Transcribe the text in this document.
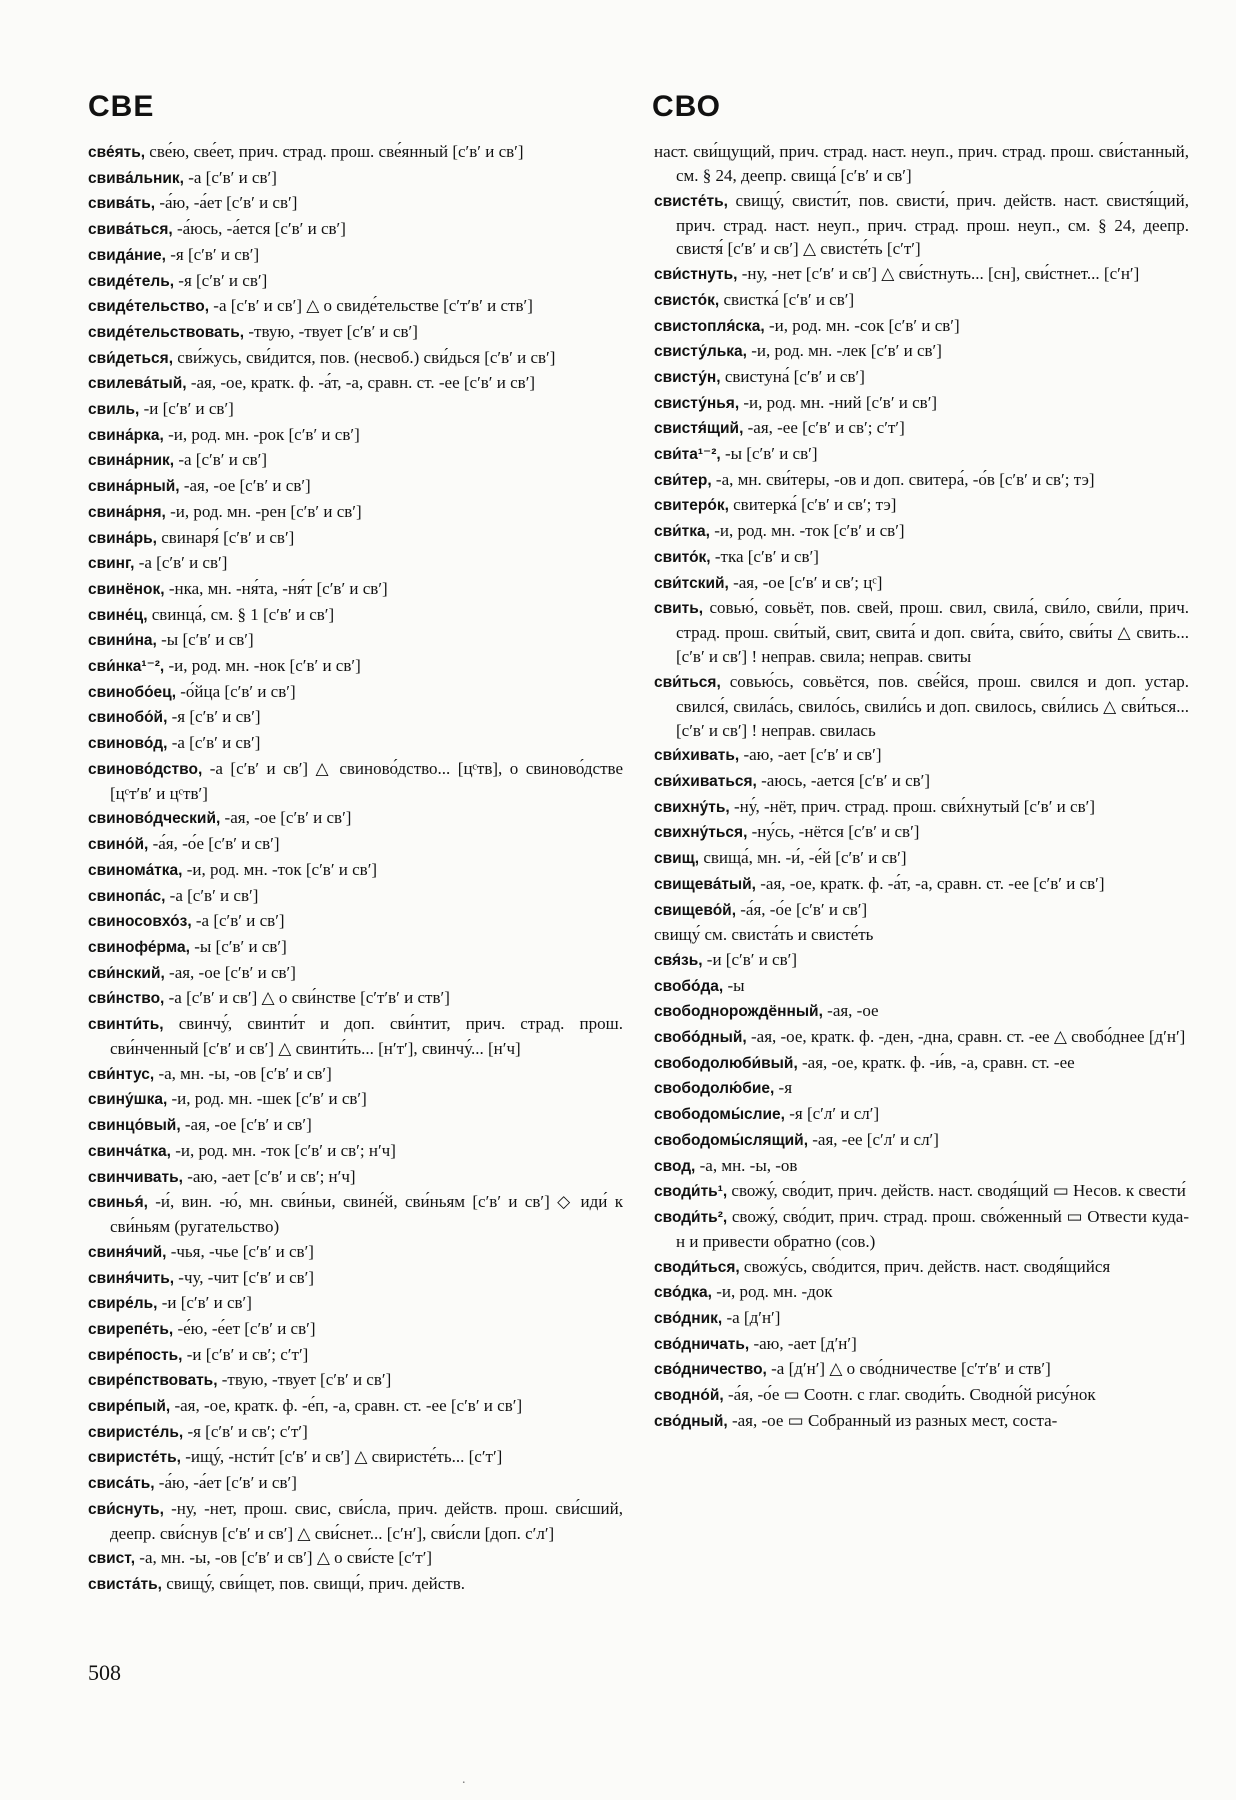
СВЕ	СВО
све́ять, све́ю, све́ет, прич. страд. прош. све́янный [сʹвʹ и свʹ]
свива́льник, -а [сʹвʹ и свʹ]
свива́ть, -а́ю, -а́ет [сʹвʹ и свʹ]
свива́ться, -а́юсь, -а́ется [сʹвʹ и свʹ]
свида́ние, -я [сʹвʹ и свʹ]
свиде́тель, -я [сʹвʹ и свʹ]
свиде́тельство, -а [сʹвʹ и свʹ] △ о свиде́тельстве [сʹтʹвʹ и ствʹ]
свиде́тельствовать, -твую, -твует [сʹвʹ и свʹ]
сви́деться, сви́жусь, сви́дится, пов. (несвоб.) сви́дься [сʹвʹ и свʹ]
свилева́тый, -ая, -ое, кратк. ф. -а́т, -а, сравн. ст. -ее [сʹвʹ и свʹ]
свиль, -и [сʹвʹ и свʹ]
свина́рка, -и, род. мн. -рок [сʹвʹ и свʹ]
свина́рник, -а [сʹвʹ и свʹ]
свина́рный, -ая, -ое [сʹвʹ и свʹ]
свина́рня, -и, род. мн. -рен [сʹвʹ и свʹ]
свина́рь, свинаря́ [сʹвʹ и свʹ]
свинг, -а [сʹвʹ и свʹ]
свинёнок, -нка, мн. -ня́та, -ня́т [сʹвʹ и свʹ]
свине́ц, свинца́, см. § 1 [сʹвʹ и свʹ]
свини́на, -ы [сʹвʹ и свʹ]
сви́нка¹⁻², -и, род. мн. -нок [сʹвʹ и свʹ]
свинобо́ец, -о́йца [сʹвʹ и свʹ]
свинобо́й, -я [сʹвʹ и свʹ]
свиново́д, -а [сʹвʹ и свʹ]
свиново́дство, -а [сʹвʹ и свʹ] △ свиново́дство... [цᶜтв], о свиново́дстве [цᶜтʹвʹ и цᶜтвʹ]
свиново́дческий, -ая, -ое [сʹвʹ и свʹ]
свино́й, -а́я, -о́е [сʹвʹ и свʹ]
свинома́тка, -и, род. мн. -ток [сʹвʹ и свʹ]
свинопа́с, -а [сʹвʹ и свʹ]
свиносовхо́з, -а [сʹвʹ и свʹ]
свинофе́рма, -ы [сʹвʹ и свʹ]
сви́нский, -ая, -ое [сʹвʹ и свʹ]
сви́нство, -а [сʹвʹ и свʹ] △ о сви́нстве [сʹтʹвʹ и ствʹ]
свинти́ть, свинчу́, свинти́т и доп. сви́нтит, прич. страд. прош. сви́нченный [сʹвʹ и свʹ] △ свинти́ть... [нʹтʹ], свинчу́... [нʹч]
сви́нтус, -а, мн. -ы, -ов [сʹвʹ и свʹ]
свину́шка, -и, род. мн. -шек [сʹвʹ и свʹ]
свинцо́вый, -ая, -ое [сʹвʹ и свʹ]
свинча́тка, -и, род. мн. -ток [сʹвʹ и свʹ; нʹч]
свинчивать, -аю, -ает [сʹвʹ и свʹ; нʹч]
свинья́, -и́, вин. -ю́, мн. сви́ньи, свине́й, сви́ньям [сʹвʹ и свʹ] ◇ иди́ к сви́ньям (ругательство)
свиня́чий, -чья, -чье [сʹвʹ и свʹ]
свиня́чить, -чу, -чит [сʹвʹ и свʹ]
свире́ль, -и [сʹвʹ и свʹ]
свирепе́ть, -е́ю, -е́ет [сʹвʹ и свʹ]
свире́пость, -и [сʹвʹ и свʹ; сʹтʹ]
свире́пствовать, -твую, -твует [сʹвʹ и свʹ]
свире́пый, -ая, -ое, кратк. ф. -е́п, -а, сравн. ст. -ее [сʹвʹ и свʹ]
свиристе́ль, -я [сʹвʹ и свʹ; сʹтʹ]
свиристе́ть, -ищу́, -нсти́т [сʹвʹ и свʹ] △ свиристе́ть... [сʹтʹ]
свиса́ть, -а́ю, -а́ет [сʹвʹ и свʹ]
сви́снуть, -ну, -нет, прош. свис, сви́сла, прич. действ. прош. сви́сший, деепр. сви́снув [сʹвʹ и свʹ] △ сви́снет... [сʹнʹ], сви́сли [доп. сʹлʹ]
свист, -а, мн. -ы, -ов [сʹвʹ и свʹ] △ о сви́сте [сʹтʹ]
свиста́ть, свищу́, сви́щет, пов. свищи́, прич. действ.
наст. сви́щущий, прич. страд. наст. неуп., прич. страд. прош. сви́станный, см. § 24, деепр. свища́ [сʹвʹ и свʹ]
свисте́ть, свищу́, свисти́т, пов. свисти́, прич. действ. наст. свистя́щий, прич. страд. наст. неуп., прич. страд. прош. неуп., см. § 24, деепр. свистя́ [сʹвʹ и свʹ] △ свисте́ть [сʹтʹ]
сви́стнуть, -ну, -нет [сʹвʹ и свʹ] △ сви́стнуть... [сн], сви́стнет... [сʹнʹ]
свисто́к, свистка́ [сʹвʹ и свʹ]
свистопля́ска, -и, род. мн. -сок [сʹвʹ и свʹ]
свисту́лька, -и, род. мн. -лек [сʹвʹ и свʹ]
свисту́н, свистуна́ [сʹвʹ и свʹ]
свисту́нья, -и, род. мн. -ний [сʹвʹ и свʹ]
свистя́щий, -ая, -ее [сʹвʹ и свʹ; сʹтʹ]
сви́та¹⁻², -ы [сʹвʹ и свʹ]
сви́тер, -а, мн. сви́теры, -ов и доп. свитера́, -о́в [сʹвʹ и свʹ; тэ]
свитеро́к, свитерка́ [сʹвʹ и свʹ; тэ]
сви́тка, -и, род. мн. -ток [сʹвʹ и свʹ]
свито́к, -тка [сʹвʹ и свʹ]
сви́тский, -ая, -ое [сʹвʹ и свʹ; цᶜ]
свить, совью́, совьёт, пов. свей, прош. свил, свила́, сви́ло, сви́ли, прич. страд. прош. сви́тый, свит, свита́ и доп. сви́та, сви́то, сви́ты △ свить... [сʹвʹ и свʹ] ! неправ. свила; неправ. свиты
сви́ться, совью́сь, совьётся, пов. све́йся, прош. свился и доп. устар. свился́, свила́сь, свило́сь, свили́сь и доп. свилось, сви́лись △ сви́ться... [сʹвʹ и свʹ] ! неправ. свилась
сви́хивать, -аю, -ает [сʹвʹ и свʹ]
сви́хиваться, -аюсь, -ается [сʹвʹ и свʹ]
свихну́ть, -ну́, -нёт, прич. страд. прош. сви́хнутый [сʹвʹ и свʹ]
свихну́ться, -ну́сь, -нётся [сʹвʹ и свʹ]
свищ, свища́, мн. -и́, -е́й [сʹвʹ и свʹ]
свищева́тый, -ая, -ое, кратк. ф. -а́т, -а, сравн. ст. -ее [сʹвʹ и свʹ]
свищево́й, -а́я, -о́е [сʹвʹ и свʹ]
свищу́ см. свиста́ть и свисте́ть
свя́зь, -и [сʹвʹ и свʹ]
свобо́да, -ы
свободнорождённый, -ая, -ое
свобо́дный, -ая, -ое, кратк. ф. -ден, -дна, сравн. ст. -ее △ свобо́днее [дʹнʹ]
свободолюби́вый, -ая, -ое, кратк. ф. -и́в, -а, сравн. ст. -ее
свободолю́бие, -я
свободомы́слие, -я [сʹлʹ и слʹ]
свободомы́слящий, -ая, -ее [сʹлʹ и слʹ]
свод, -а, мн. -ы, -ов
своди́ть¹, свожу́, сво́дит, прич. действ. наст. сводя́щий ▭ Несов. к свести́
своди́ть², свожу́, сво́дит, прич. страд. прош. сво́женный ▭ Отвести куда-н и привести обратно (сов.)
своди́ться, свожу́сь, сво́дится, прич. действ. наст. сводя́щийся
сво́дка, -и, род. мн. -док
сво́дник, -а [дʹнʹ]
сво́дничать, -аю, -ает [дʹнʹ]
сво́дничество, -а [дʹнʹ] △ о сво́дничестве [сʹтʹвʹ и ствʹ]
сводно́й, -а́я, -о́е ▭ Соотн. с глаг. своди́ть. Сводно́й рису́нок
сво́дный, -ая, -ое ▭ Собранный из разных мест, соста-
508
.
